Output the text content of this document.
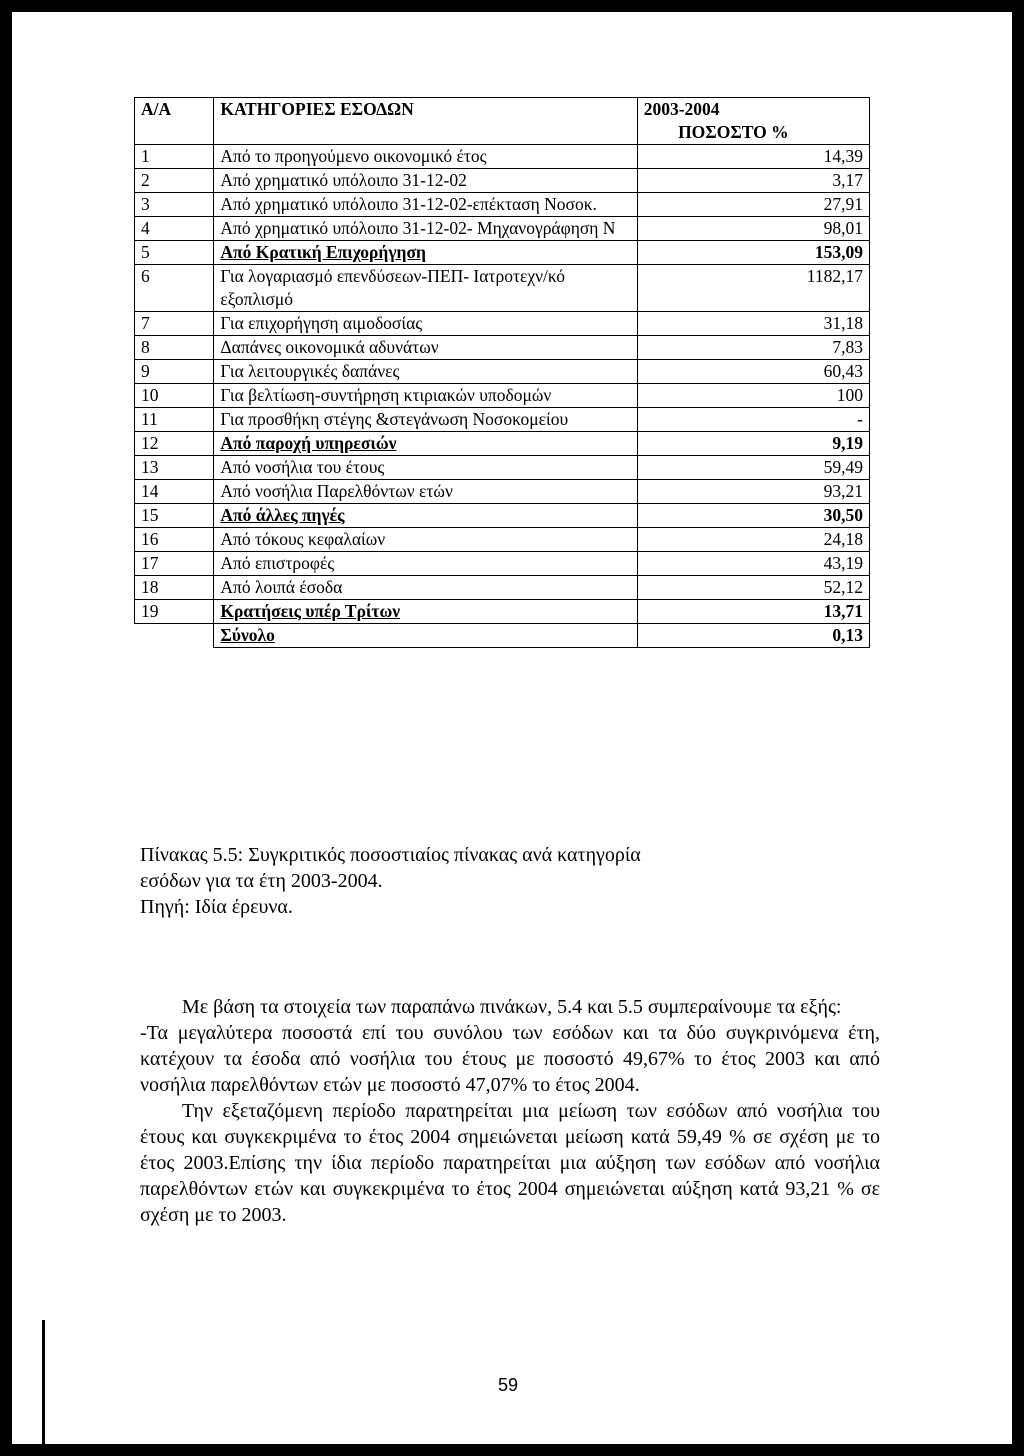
Α/Α	ΚΑΤΗΓΟΡΙΕΣ ΕΣΟΔΩΝ	2003-2004
ΠΟΣΟΣΤΟ %

1	Από το προηγούμενο οικονομικό έτος	14,39
2	Από χρηματικό υπόλοιπο 31-12-02	3,17
3	Από χρηματικό υπόλοιπο 31-12-02-επέκταση Νοσοκ.	27,91
4	Από χρηματικό υπόλοιπο 31-12-02- Μηχανογράφηση Ν	98,01
5	Από Κρατική Επιχορήγηση	153,09
6	Για λογαριασμό επενδύσεων-ΠΕΠ- Ιατροτεχν/κό εξοπλισμό	1182,17
7	Για επιχορήγηση αιμοδοσίας	31,18
8	Δαπάνες οικονομικά αδυνάτων	7,83
9	Για λειτουργικές δαπάνες	60,43
10	Για βελτίωση-συντήρηση κτιριακών υποδομών	100
11	Για προσθήκη στέγης &στεγάνωση Νοσοκομείου	-
12	Από παροχή υπηρεσιών	9,19
13	Από νοσήλια του έτους	59,49
14	Από νοσήλια Παρελθόντων ετών	93,21
15	Από άλλες πηγές	30,50
16	Από τόκους κεφαλαίων	24,18
17	Από επιστροφές	43,19
18	Από λοιπά έσοδα	52,12
19	Κρατήσεις υπέρ Τρίτων	13,71
	Σύνολο	0,13
Πίνακας 5.5: Συγκριτικός ποσοστιαίος πίνακας ανά κατηγορία
εσόδων για τα έτη 2003-2004.
Πηγή: Ιδία έρευνα.

Με βάση τα στοιχεία των παραπάνω πινάκων, 5.4 και 5.5 συμπεραίνουμε τα εξής:

-Τα μεγαλύτερα ποσοστά επί του συνόλου των εσόδων και τα δύο συγκρινόμενα έτη, κατέχουν τα έσοδα από νοσήλια του έτους με ποσοστό 49,67% το έτος 2003 και από νοσήλια παρελθόντων ετών με ποσοστό 47,07% το έτος 2004.

Την εξεταζόμενη περίοδο παρατηρείται μια μείωση των εσόδων από νοσήλια του έτους και συγκεκριμένα το έτος 2004 σημειώνεται μείωση κατά 59,49 % σε σχέση με το έτος 2003.Επίσης την ίδια περίοδο παρατηρείται μια αύξηση των εσόδων από νοσήλια παρελθόντων ετών και συγκεκριμένα το έτος 2004 σημειώνεται αύξηση κατά 93,21 % σε σχέση με το 2003.

59
